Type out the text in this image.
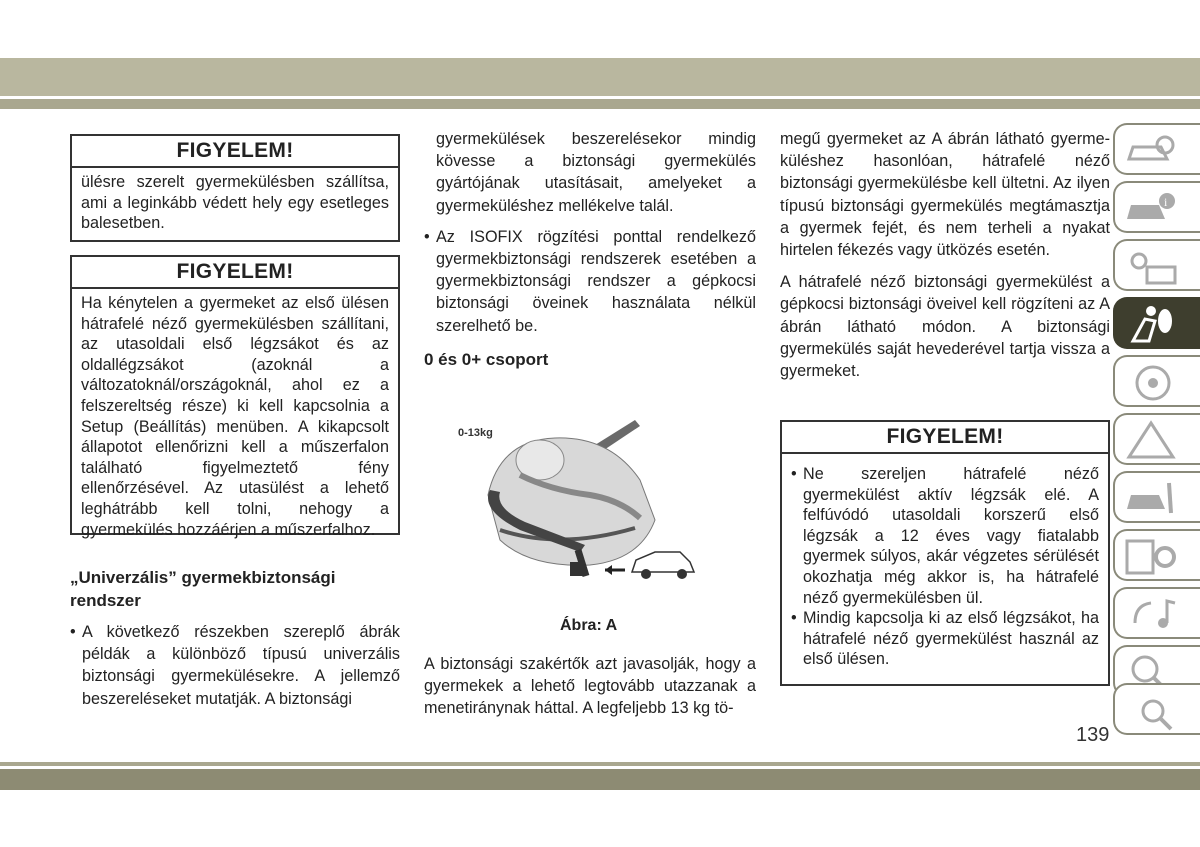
FIGYELEM!
ülésre szerelt gyermekülésben szállítsa, ami a leginkább védett hely egy esetleges balesetben.
FIGYELEM!
Ha kénytelen a gyermeket az első ülésen hátrafelé néző gyermekülésben szállítani, az utasoldali első légzsákot és az oldallégzsákot (azoknál a változatoknál/országoknál, ahol ez a felszereltség része) ki kell kapcsolnia a Setup (Beállítás) menüben. A kikapcsolt állapotot ellenőrizni kell a műszerfalon található figyelmeztető fény ellenőrzésével. Az utasülést a lehető leghátrább kell tolni, nehogy a gyermekülés hozzáérjen a műszerfalhoz.
„Univerzális” gyermekbiztonsági rendszer

• A következő részekben szereplő ábrák példák a különböző típusú univerzális biztonsági gyermekülésekre. A jellemző beszereléseket mutatják. A biztonsági

gyermekülések beszerelésekor mindig kövesse a biztonsági gyermekülés gyártójának utasításait, amelyeket a gyermeküléshez mellékelve talál.

• Az ISOFIX rögzítési ponttal rendelkező gyermekbiztonsági rendszerek esetében a gyermekbiztonsági rendszer a gépkocsi biztonsági öveinek használata nélkül szerelhető be.

0 és 0+ csoport
0-13kg
Ábra: A

A biztonsági szakértők azt javasolják, hogy a gyermekek a lehető legtovább utazzanak a menetiránynak háttal. A legfeljebb 13 kg tö-

megű gyermeket az A ábrán látható gyermeküléshez hasonlóan, hátrafelé néző biztonsági gyermekülésbe kell ültetni. Az ilyen típusú biztonsági gyermekülés megtámasztja a gyermek fejét, és nem terheli a nyakat hirtelen fékezés vagy ütközés esetén.

A hátrafelé néző biztonsági gyermekülést a gépkocsi biztonsági öveivel kell rögzíteni az A ábrán látható módon. A biztonsági gyermekülés saját hevederével tartja vissza a gyermeket.

FIGYELEM!

• Ne szereljen hátrafelé néző gyermekülést aktív légzsák elé. A felfúvódó utasoldali korszerű első légzsák a 12 éves vagy fiatalabb gyermek súlyos, akár végzetes sérülését okozhatja még akkor is, ha hátrafelé néző gyermekülésben ül.

• Mindig kapcsolja ki az első légzsákot, ha hátrafelé néző gyermekülést használ az első ülésen.

i
139
